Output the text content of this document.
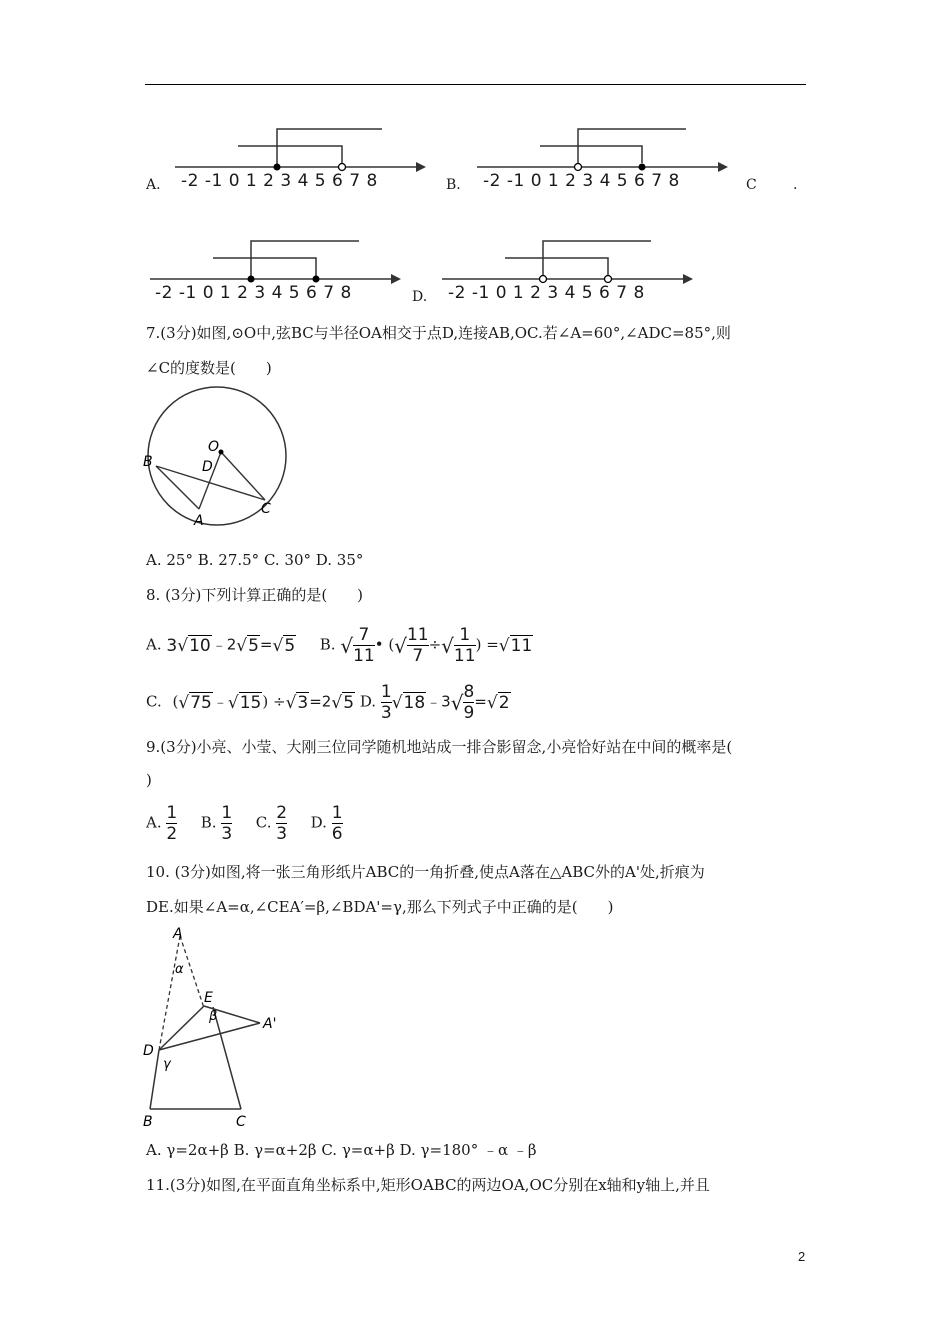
A. -2 -1 0 1 2 3 4 5 6 7 8	B. -2 -1 0 1 2 3 4 5 6 7 8	C	.
-2 -1 0 1 2 3 4 5 6 7 8	D. -2 -1 0 1 2 3 4 5 6 7 8
7.(3分)如图,⊙O中,弦BC与半径OA相交于点D,连接AB,OC.若∠A=60°,∠ADC=85°,则
∠C的度数是(　　)
O
B	D
A
C
A. 25° B. 27.5° C. 30° D. 35°
8. (3分)下列计算正确的是(　　)
A. 3√10﹣2√5=√5 B. √ $\frac{7}{11}$ • (√ $\frac{11}{7}$ ÷√ $\frac{1}{11}$ ) =√11
C. (√75﹣√15) ÷√3=2√5 D. $\frac{1}{3}$ √18﹣3√ $\frac{8}{9} =√2$
9.(3分)小亮、小莹、大刚三位同学随机地站成一排合影留念,小亮恰好站在中间的概率是(
)
A. $\frac{1}{2} B$. $\frac{1}{3} C$. $\frac{2}{3} D$. $\frac{1}{6}$
10. (3分)如图,将一张三角形纸片ABC的一角折叠,使点A落在△ABC外的A'处,折痕为
DE.如果∠A=α,∠CEA′=β,∠BDA'=γ,那么下列式子中正确的是(　　)
A
α
E
β	A'
D
γ
B	C
A. γ=2α+β B. γ=α+2β C. γ=α+β D. γ=180° ﹣α ﹣β
11.(3分)如图,在平面直角坐标系中,矩形OABC的两边OA,OC分别在x轴和y轴上,并且
2
